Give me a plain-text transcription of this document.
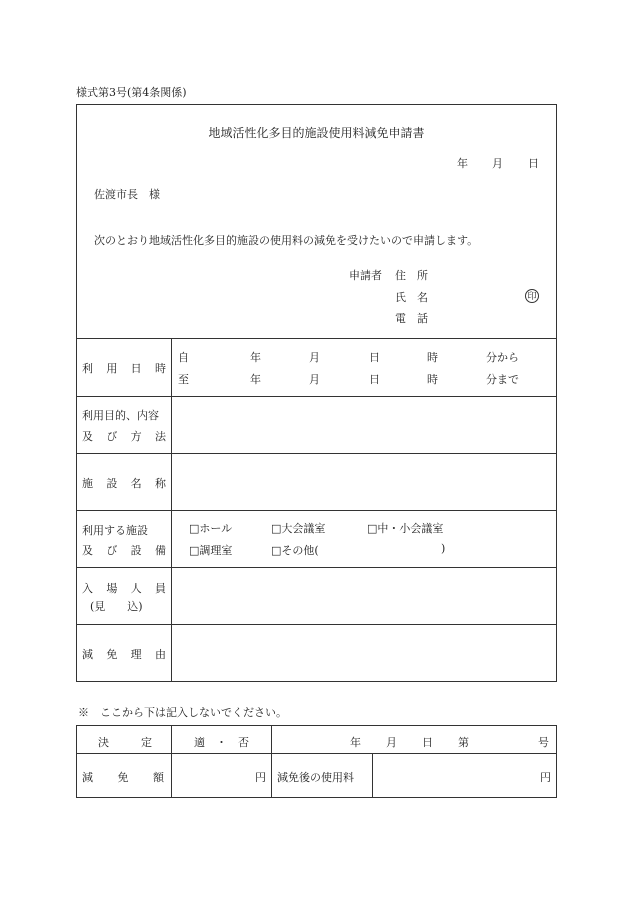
様式第3号(第4条関係)
地域活性化多目的施設使用料減免申請書
年 月 日
佐渡市長　様
次のとおり地域活性化多目的施設の使用料の減免を受けたいので申請します。
申請者 住　所
氏　名	印
電　話
利 用 日 時
自	年	月	日	時	分から
至	年	月	日	時	分まで
利用目的、内容
及 び 方 法
施 設 名 称
利用する施設
及 び 設 備
□ホール	□大会議室	□中・小会議室
□調理室	□その他(	)
入 場 人 員
(見　　込)
減 免 理 由
※　ここから下は記入しないでください。
決	定	適　・　否	年 月 日 第	号
減 免 額	円 減免後の使用料	円
